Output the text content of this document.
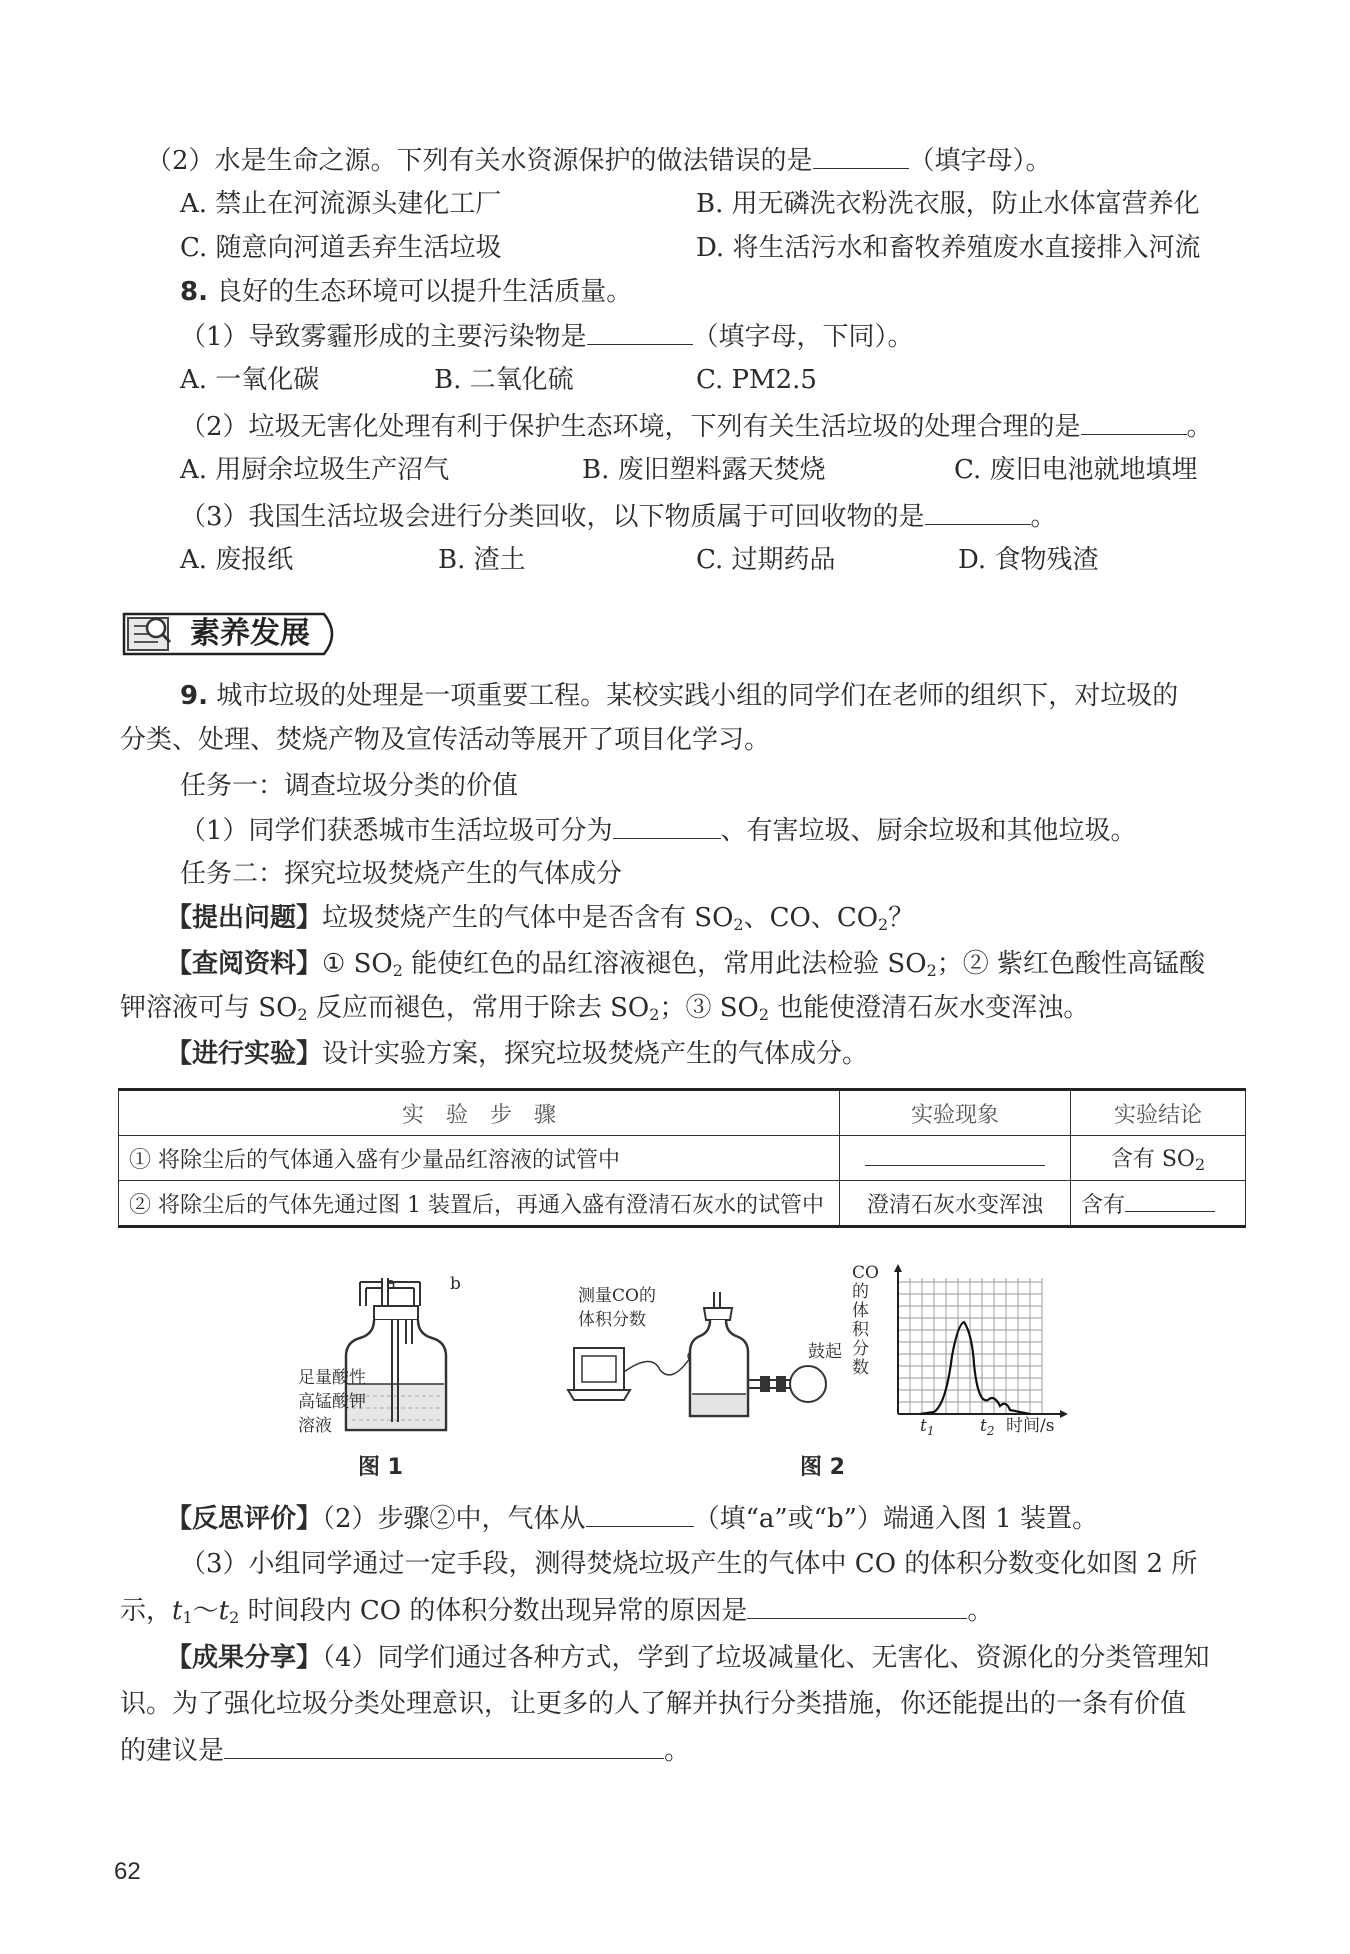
（2）水是生命之源。下列有关水资源保护的做法错误的是	（填字母）。
A. 禁止在河流源头建化工厂	B. 用无磷洗衣粉洗衣服，防止水体富营养化
C. 随意向河道丢弃生活垃圾	D. 将生活污水和畜牧养殖废水直接排入河流
8. 良好的生态环境可以提升生活质量。
（1）导致雾霾形成的主要污染物是	（填字母，下同）。
A. 一氧化碳	B. 二氧化硫	C. PM2.5
（2）垃圾无害化处理有利于保护生态环境，下列有关生活垃圾的处理合理的是	。
A. 用厨余垃圾生产沼气	B. 废旧塑料露天焚烧	C. 废旧电池就地填埋
（3）我国生活垃圾会进行分类回收，以下物质属于可回收物的是	。
A. 废报纸	B. 渣土	C. 过期药品	D. 食物残渣
素养发展
9. 城市垃圾的处理是一项重要工程。某校实践小组的同学们在老师的组织下，对垃圾的
分类、处理、焚烧产物及宣传活动等展开了项目化学习。
任务一：调查垃圾分类的价值
（1）同学们获悉城市生活垃圾可分为	、有害垃圾、厨余垃圾和其他垃圾。
任务二：探究垃圾焚烧产生的气体成分
【提出问题】垃圾焚烧产生的气体中是否含有 $SO_2$、CO、$CO_2$？
【查阅资料】① $SO_2$ 能使红色的品红溶液褪色，常用此法检验 $SO_2$；② 紫红色酸性高锰酸
钾溶液可与 $SO_2$ 反应而褪色，常用于除去 $SO_2$；③ $SO_2$ 也能使澄清石灰水变浑浊。
【进行实验】设计实验方案，探究垃圾焚烧产生的气体成分。
实　验　步　骤	实验现象	实验结论
① 将除尘后的气体通入盛有少量品红溶液的试管中		含有 $SO_2$
② 将除尘后的气体先通过图 1 装置后，再通入盛有澄清石灰水的试管中	澄清石灰水变浑浊	含有
a	b
足量酸性
高锰酸钾
溶液
图 1
测量CO的
体积分数
鼓起
图 2
CO的体积分数
$t_1$	$t_2$ 时间/s
【反思评价】（2）步骤②中，气体从	（填“a”或“b”）端通入图 1 装置。
（3）小组同学通过一定手段，测得焚烧垃圾产生的气体中 CO 的体积分数变化如图 2 所
示，$t_1\sim t_2$ 时间段内 CO 的体积分数出现异常的原因是	。
【成果分享】（4）同学们通过各种方式，学到了垃圾减量化、无害化、资源化的分类管理知
识。为了强化垃圾分类处理意识，让更多的人了解并执行分类措施，你还能提出的一条有价值
的建议是	。
62
